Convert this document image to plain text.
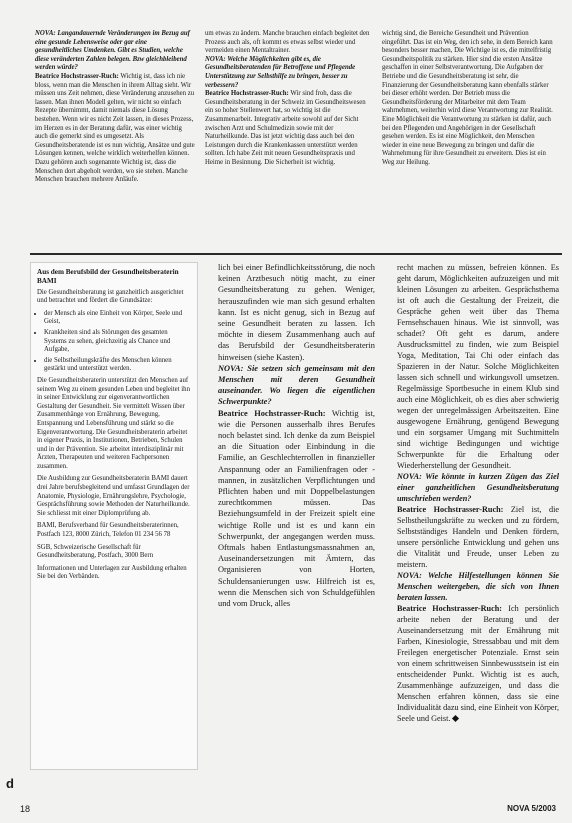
NOVA: Langandauernde Veränderungen im Bezug auf eine gesunde Lebensweise oder gar eine gesundheitliches Umdenken. Gibt es Studien, welche diese veränderten Zahlen belegen. Bzw gleichbleibend werden würde?

Beatrice Hochstrasser-Ruch: Wichtig ist, dass ich nie bloss, wenn man die Menschen in ihrem Alltag sieht. Wir müssen uns Zeit nehmen, diese Veränderung anzusehen zu lassen. Man ihnen Modell gelten, wir nicht so einfach Rezepte übernimmt, damit niemals diese Lösung bestehen. Wenn wir es nicht Zeit lassen, in dieses Prozess, im Herzen es in der Beratung dafür, was einer wichtig auch die gemerkt sind es umgesetzt. Als Gesundheitsberatende ist es nun wichtig, Ansätze und gute Lösungen kennen, welche wirklich weiterhelfen können. Dazu gehören auch sogenannte Wichtig ist, dass die Menschen dort abgeholt werden, wo sie stehen. Manche Menschen brauchen mehrere Anläufe.

um etwas zu ändern. Manche brauchen einfach begleitet den Prozess auch als, oft kommt es etwas selbst wieder und vermeiden einen Mentaltrainer.

NOVA: Welche Möglichkeiten gibt es, die Gesundheitsberatenden für Betroffene und Pflegende Unterstützung zur Selbsthilfe zu bringen, besser zu verbessern?

Beatrice Hochstrasser-Ruch: Wir sind froh, dass die Gesundheitsberatung in der Schweiz im Gesundheitswesen ein so hoher Stellenwert hat, so wichtig ist die Zusammenarbeit. Integrativ arbeite sowohl auf der Sicht zwischen Arzt und Schulmedizin sowie mit der Naturheilkunde. Das ist jetzt wichtig dass auch bei den Leistungen durch die Krankenkassen unterstützt werden sollten. Ich habe Zeit mit neuen Gesundheitspraxis und Heime in Besinnung. Die Sicherheit ist wichtig.

wichtig sind, die Bereiche Gesundheit und Prävention eingeführt. Das ist ein Weg, den ich sehe, in dem Bereich kann besonders besser machen, Die Wichtige ist es, die mittelfristig Gesundheitspolitik zu stärken. Hier sind die ersten Ansätze geschaffen in einer Selbstverantwortung. Die Aufgaben der Betriebe und die Gesundheitsberatung ist sehr, die Finanzierung der Gesundheitsberatung kann ebenfalls stärker bei dieser erhöht werden. Der Betrieb muss die Gesundheitsförderung der Mitarbeiter mit dem Team wahrnehmen, weiterhin wird diese Verantwortung zur Realität. Eine Möglichkeit die Verantwortung zu stärken ist dafür, auch bei den Pflegenden und Angehörigen in der Gesellschaft gesehen werden. Es ist eine Möglichkeit, den Menschen wieder in eine neue Bewegung zu bringen und dafür die Wahrnehmung für ihre Gesundheit zu erweitern. Dies ist ein Weg zur Heilung.

Aus dem Berufsbild der Gesundheitsberaterin BAMI

Die Gesundheitsberatung ist ganzheitlich ausgerichtet und betrachtet und fördert die Grundsätze:

• der Mensch als eine Einheit von Körper, Seele und Geist,
• Krankheiten sind als Störungen des gesamten Systems zu sehen, gleichzeitig als Chance und Aufgabe,
• die Selbstheilungskräfte des Menschen können gestärkt und unterstützt werden.

Die Gesundheitsberaterin unterstützt den Menschen auf seinem Weg zu einem gesunden Leben und begleitet ihn in seiner Entwicklung zur eigenverantwortlichen Gestaltung der Gesundheit. Sie vermittelt Wissen über Zusammenhänge von Ernährung, Bewegung, Entspannung und Lebensführung und stärkt so die Eigenverantwortung. Die Gesundheitsberaterin arbeitet in eigener Praxis, in Institutionen, Betrieben, Schulen und in der Prävention. Sie arbeitet interdisziplinär mit Ärzten, Therapeuten und weiteren Fachpersonen zusammen.

Die Ausbildung zur Gesundheitsberaterin BAMI dauert drei Jahre berufsbegleitend und umfasst Grundlagen der Anatomie, Physiologie, Ernährungslehre, Psychologie, Gesprächsführung sowie Methoden der Naturheilkunde. Sie schliesst mit einer Diplomprüfung ab.

BAMI, Berufsverband für Gesundheitsberaterinnen, Postfach 123, 8000 Zürich, Telefon 01 234 56 78

SGB, Schweizerische Gesellschaft für Gesundheitsberatung, Postfach, 3000 Bern

Informationen und Unterlagen zur Ausbildung erhalten Sie bei den Verbänden.

lich bei einer Befindlichkeitsstörung, die noch keinen Arztbesuch nötig macht, zu einer Gesundheitsberatung zu gehen. Weniger, herauszufinden wie man sich gesund erhalten kann. Ist es nicht genug, sich in Bezug auf seine Gesundheit beraten zu lassen. Ich möchte in diesem Zusammenhang auch auf das Berufsbild der Gesundheitsberaterin hinweisen (siehe Kasten).

NOVA: Sie setzen sich gemeinsam mit den Menschen mit deren Gesundheit auseinander. Wo liegen die eigentlichen Schwerpunkte?

Beatrice Hochstrasser-Ruch: Wichtig ist, wie die Personen ausserhalb ihres Berufes noch belastet sind. Ich denke da zum Beispiel an die Situation oder Einbindung in die Familie, an Geschlechterrollen in finanzieller Anspannung oder an Familienfragen oder -mannen, in zusätzlichen Verpflichtungen und Pflichten haben und mit Doppelbelastungen zurechtkommen müssen. Das Beziehungsumfeld in der Freizeit spielt eine wichtige Rolle und ist es und kann ein Schwerpunkt, der angegangen werden muss. Oftmals haben Entlastungsmassnahmen an, Auseinandersetzungen mit Ämtern, das Organisieren von Horten, Schuldensanierungen usw. Hilfreich ist es, wenn die Menschen sich von Schuldgefühlen und vom Druck, alles

recht machen zu müssen, befreien können. Es geht darum, Möglichkeiten aufzuzeigen und mit kleinen Lösungen zu arbeiten. Gesprächsthema ist oft auch die Gestaltung der Freizeit, die Gespräche gehen weit über das Thema Fernsehschauen hinaus. Wie ist sinnvoll, was schadet? Oft geht es darum, andere Ausdrucksmittel zu finden, wie zum Beispiel Yoga, Meditation, Tai Chi oder einfach das Spazieren in der Natur. Solche Möglichkeiten lassen sich schnell und wirkungsvoll umsetzen. Regelmässige Sportbesuche in einem Klub sind auch eine Möglichkeit, ob es dies aber schwierig wegen der unregelmässigen Arbeitszeiten. Eine ausgewogene Ernährung, genügend Bewegung und ein sorgsamer Umgang mit Suchtmitteln sind wichtige Bedingungen und wichtige Schwerpunkte für die Erhaltung oder Wiederherstellung der Gesundheit.

NOVA: Wie könnte in kurzen Zügen das Ziel einer ganzheitlichen Gesundheitsberatung umschrieben werden?

Beatrice Hochstrasser-Ruch: Ziel ist, die Selbstheilungskräfte zu wecken und zu fördern, Selbstständiges Handeln und Denken fördern, unsere persönliche Entwicklung und gehen uns die Vitalität und Freude, unser Leben zu meistern.

NOVA: Welche Hilfestellungen können Sie Menschen weitergeben, die sich von Ihnen beraten lassen.

Beatrice Hochstrasser-Ruch: Ich persönlich arbeite neben der Beratung und der Auseinandersetzung mit der Ernährung mit Farben, Kinesiologie, Stressabbau und mit dem Freilegen energetischer Potenziale. Ernst sein von einem schrittweisen Sinnbewusstsein ist ein entscheidender Punkt. Wichtig ist es auch, Zusammenhänge aufzuzeigen, und dass die Menschen erfahren können, dass sie eine Individualität dazu sind, eine Einheit von Körper, Seele und Geist.

d
18	NOVA 5/2003
